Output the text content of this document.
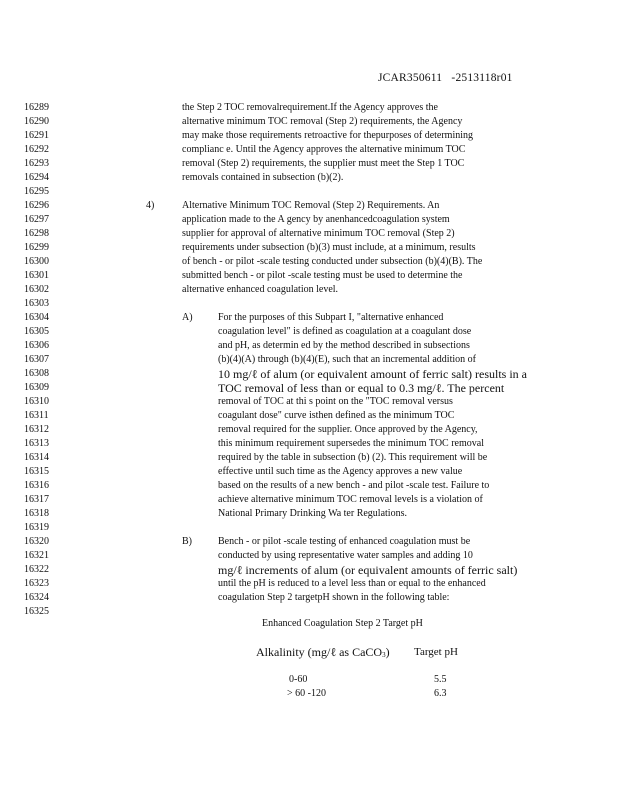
JCAR350611   -2513118r01
16289
16290
16291
16292
16293
16294
16295
16296
16297
16298
16299
16300
16301
16302
16303
16304
16305
16306
16307
16308
16309
16310
16311
16312
16313
16314
16315
16316
16317
16318
16319
16320
16321
16322
16323
16324
16325
the Step 2 TOC removalrequirement.If the Agency approves the
alternative minimum TOC removal (Step 2) requirements, the Agency
may make those requirements retroactive for thepurposes of determining
complianc e. Until the Agency approves the alternative minimum TOC
removal (Step 2) requirements, the supplier must meet the Step 1 TOC
removals contained in subsection (b)(2).
4)	Alternative Minimum TOC Removal (Step 2) Requirements. An
application made to the A gency by anenhancedcoagulation system
supplier for approval of alternative minimum TOC removal (Step 2)
requirements under subsection (b)(3) must include, at a minimum, results
of bench - or pilot -scale testing conducted under subsection (b)(4)(B). The
submitted bench - or pilot -scale testing must be used to determine the
alternative enhanced coagulation level.
A)	For the purposes of this Subpart I, "alternative enhanced
coagulation level" is defined as coagulation at a coagulant dose
and pH, as determin ed by the method described in subsections
(b)(4)(A) through (b)(4)(E), such that an incremental addition of
10 mg/ℓ of alum (or equivalent amount of ferric salt) results in a
TOC removal of less than or equal to 0.3 mg/ℓ. The percent
removal of TOC at thi s point on the "TOC removal versus
coagulant dose" curve isthen defined as the minimum TOC
removal required for the supplier. Once approved by the Agency,
this minimum requirement supersedes the minimum TOC removal
required by the table in subsection (b) (2). This requirement will be
effective until such time as the Agency approves a new value
based on the results of a new bench - and pilot -scale test. Failure to
achieve alternative minimum TOC removal levels is a violation of
National Primary Drinking Wa ter Regulations.
B)	Bench - or pilot -scale testing of enhanced coagulation must be
conducted by using representative water samples and adding 10
mg/ℓ increments of alum (or equivalent amounts of ferric salt)
until the pH is reduced to a level less than or equal to the enhanced
coagulation Step 2 targetpH shown in the following table:
Enhanced Coagulation Step 2 Target pH
Alkalinity (mg/ℓ as CaCO3) Target pH
0-60	5.5
> 60 -120	6.3
